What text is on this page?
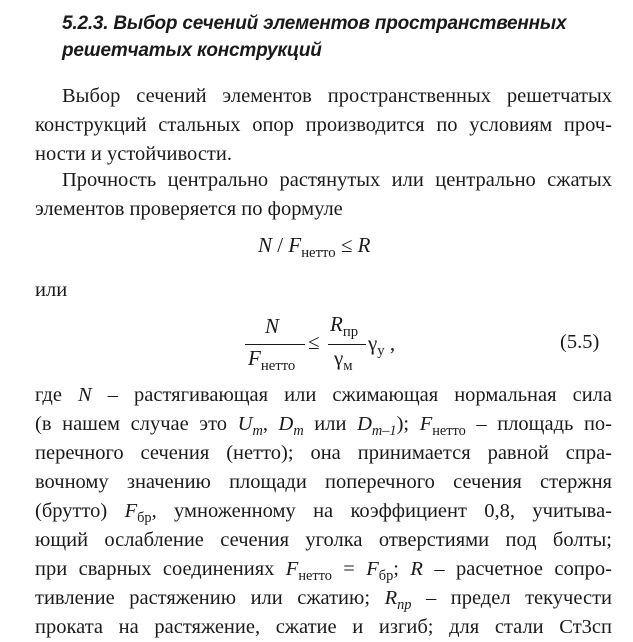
5.2.3. Выбор сечений элементов пространственных
решетчатых конструкций
Выбор сечений элементов пространственных решетчатых
конструкций стальных опор производится по условиям проч-
ности и устойчивости.
Прочность центрально растянутых или центрально сжатых
элементов проверяется по формуле
$N / F_{нетто} \le R$
или
N
$F_{нетто}$
≤
$R_{пр}$
$\gamma_м$
$\gamma_у$ ,	(5.5)
где N – растягивающая или сжимающая нормальная сила
(в нашем случае это $U_m$, $D_m$ или $D_{m-1}$); $F_{нетто}$ – площадь по-
перечного сечения (нетто); она принимается равной спра-
вочному значению площади поперечного сечения стержня
(брутто) $F_{бр}$, умноженному на коэффициент 0,8, учитыва-
ющий ослабление сечения уголка отверстиями под болты;
при сварных соединениях $F_{нетто} = F_{бр}$; R – расчетное сопро-
тивление растяжению или сжатию; $R_{пр}$ – предел текучести
проката на растяжение, сжатие и изгиб; для стали Ст3сп
